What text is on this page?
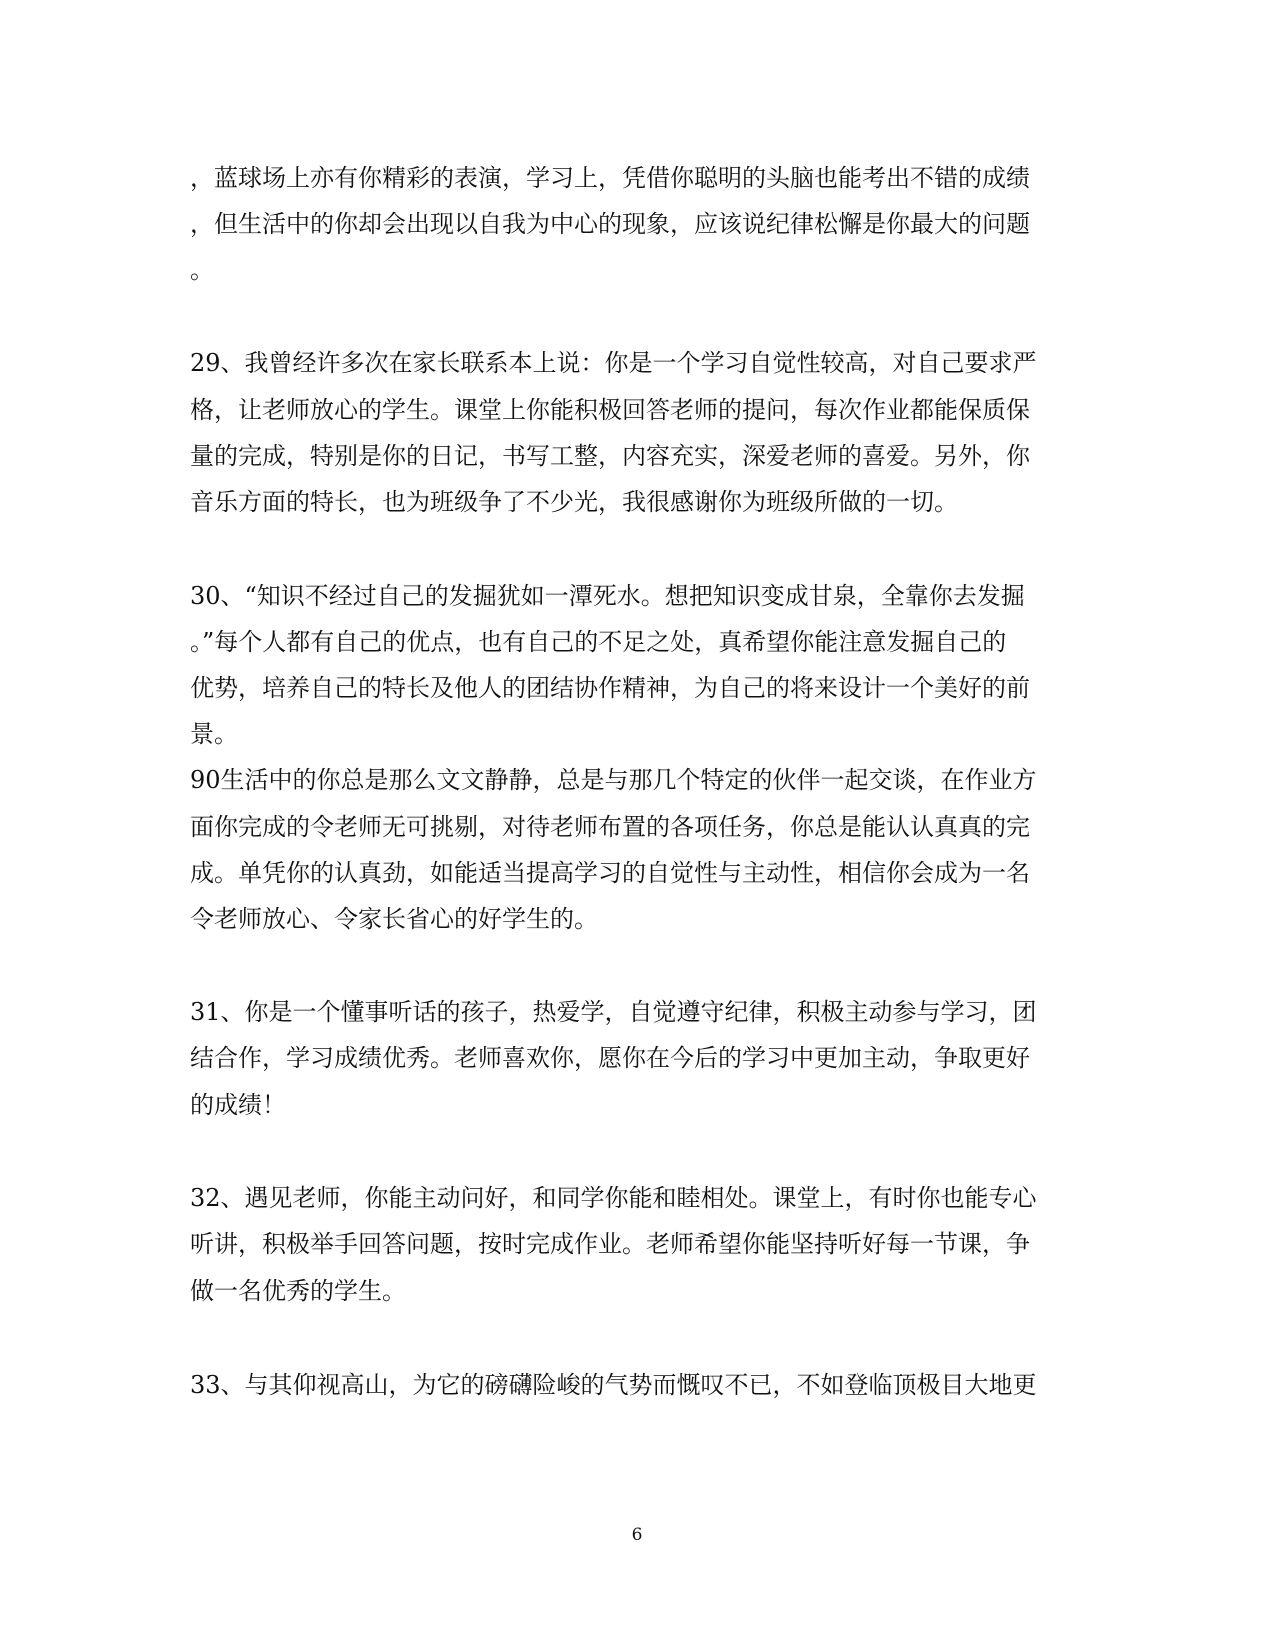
，蓝球场上亦有你精彩的表演，学习上，凭借你聪明的头脑也能考出不错的成绩
，但生活中的你却会出现以自我为中心的现象，应该说纪律松懈是你最大的问题
。
29、我曾经许多次在家长联系本上说：你是一个学习自觉性较高，对自己要求严
格，让老师放心的学生。课堂上你能积极回答老师的提问，每次作业都能保质保
量的完成，特别是你的日记，书写工整，内容充实，深爱老师的喜爱。另外，你
音乐方面的特长，也为班级争了不少光，我很感谢你为班级所做的一切。
30、“知识不经过自己的发掘犹如一潭死水。想把知识变成甘泉，全靠你去发掘
。”每个人都有自己的优点，也有自己的不足之处，真希望你能注意发掘自己的
优势，培养自己的特长及他人的团结协作精神，为自己的将来设计一个美好的前
景。
90生活中的你总是那么文文静静，总是与那几个特定的伙伴一起交谈，在作业方
面你完成的令老师无可挑剔，对待老师布置的各项任务，你总是能认认真真的完
成。单凭你的认真劲，如能适当提高学习的自觉性与主动性，相信你会成为一名
令老师放心、令家长省心的好学生的。
31、你是一个懂事听话的孩子，热爱学，自觉遵守纪律，积极主动参与学习，团
结合作，学习成绩优秀。老师喜欢你，愿你在今后的学习中更加主动，争取更好
的成绩！
32、遇见老师，你能主动问好，和同学你能和睦相处。课堂上，有时你也能专心
听讲，积极举手回答问题，按时完成作业。老师希望你能坚持听好每一节课，争
做一名优秀的学生。
33、与其仰视高山，为它的磅礴险峻的气势而慨叹不已，不如登临顶极目大地更
6
